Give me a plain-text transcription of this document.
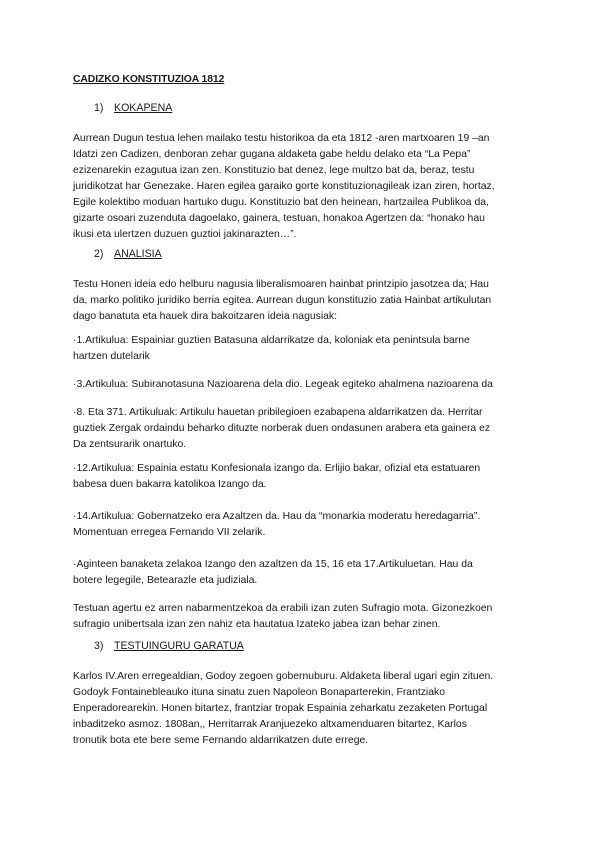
CADIZKO KONSTITUZIOA 1812
1) KOKAPENA
Aurrean Dugun testua lehen mailako testu historikoa da eta 1812 -aren martxoaren 19 –an
Idatzi zen Cadizen, denboran zehar gugana aldaketa gabe heldu delako eta “La Pepa”
ezizenarekin ezagutua izan zen. Konstituzio bat denez, lege multzo bat da, beraz, testu
juridikotzat har Genezake. Haren egilea garaiko gorte konstituzionagileak izan ziren, hortaz,
Egile kolektibo moduan hartuko dugu. Konstituzio bat den heinean, hartzailea Publikoa da,
gizarte osoari zuzenduta dagoelako, gainera, testuan, honakoa Agertzen da: “honako hau
ikusi eta ulertzen duzuen guztioi jakinarazten…”.
2) ANALISIA
Testu Honen ideia edo helburu nagusia liberalismoaren hainbat printzipio jasotzea da; Hau
da, marko politiko juridiko berria egitea. Aurrean dugun konstituzio zatia Hainbat artikulutan
dago banatuta eta hauek dira bakoitzaren ideia nagusiak:
·1.Artikulua: Espainiar guztien Batasuna aldarrikatze da, koloniak eta penintsula barne
hartzen dutelarik
·3.Artikulua: Subiranotasuna Nazioarena dela dio. Legeak egiteko ahalmena nazioarena da
·8. Eta 371. Artikuluak: Artikulu hauetan pribilegioen ezabapena aldarrikatzen da. Herritar
guztiek Zergak ordaindu beharko dituzte norberak duen ondasunen arabera eta gainera ez
Da zentsurarik onartuko.
·12.Artikulua: Espainia estatu Konfesionala izango da. Erlijio bakar, ofizial eta estatuaren
babesa duen bakarra katolikoa Izango da.
·14.Artikulua: Gobernatzeko era Azaltzen da. Hau da “monarkia moderatu heredagarria”.
Momentuan erregea Fernando VII zelarik.
·Aginteen banaketa zelakoa Izango den azaltzen da 15, 16 eta 17.Artikuluetan. Hau da
botere legegile, Betearazle eta judiziala.
Testuan agertu ez arren nabarmentzekoa da erabili izan zuten Sufragio mota. Gizonezkoen
sufragio unibertsala izan zen nahiz eta hautatua Izateko jabea izan behar zinen.
3) TESTUINGURU GARATUA
Karlos IV.Aren erregealdian, Godoy zegoen gobernuburu. Aldaketa liberal ugari egin zituen.
Godoyk Fontainebleauko ituna sinatu zuen Napoleon Bonaparterekin, Frantziako
Enperadorearekin. Honen bitartez, frantziar tropak Espainia zeharkatu zezaketen Portugal
inbaditzeko asmoz. 1808an,, Herritarrak Aranjuezeko altxamenduaren bitartez, Karlos
tronutik bota ete bere seme Fernando aldarrikatzen dute errege.
